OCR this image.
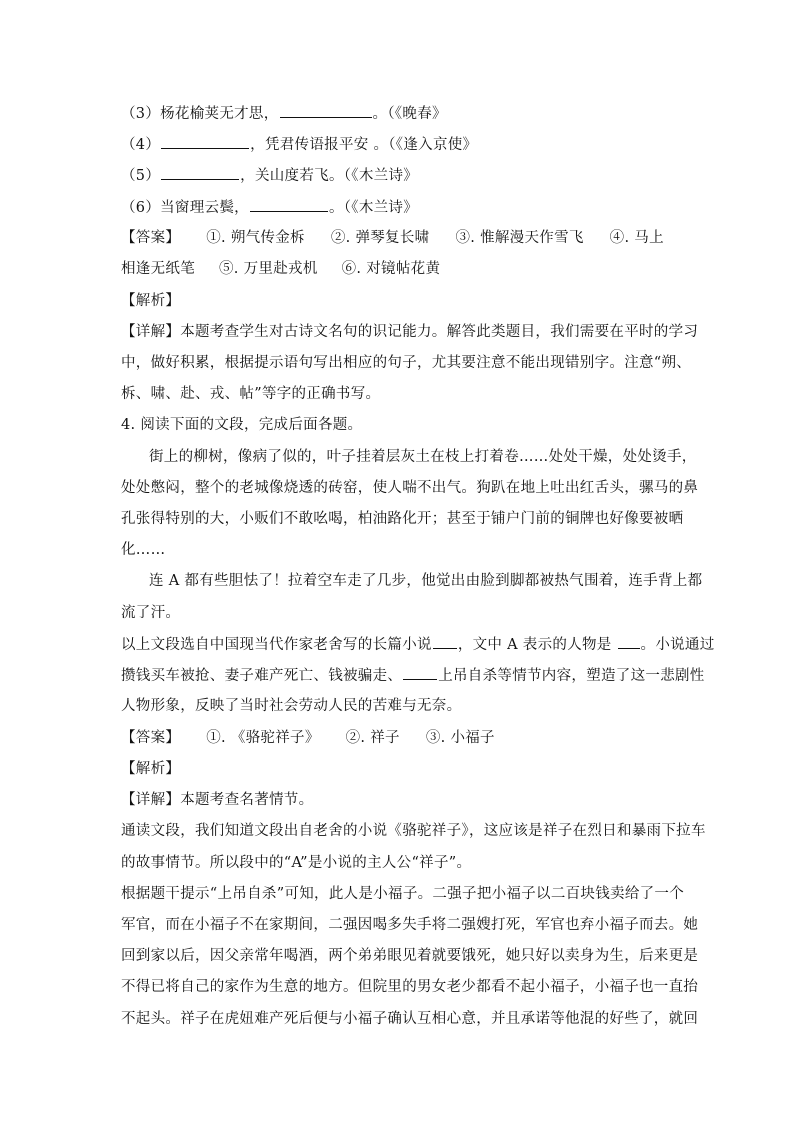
（3）杨花榆荚无才思，	。（《晚春》
（4）	，凭君传语报平安 。（《逢入京使》
（5）	，关山度若飞。（《木兰诗》
（6）当窗理云鬓，	。（《木兰诗》
【答案】 ①. 朔气传金柝 ②. 弹琴复长啸 ③. 惟解漫天作雪飞 ④. 马上
相逢无纸笔 ⑤. 万里赴戎机 ⑥. 对镜帖花黄
【解析】
【详解】本题考查学生对古诗文名句的识记能力。解答此类题目，我们需要在平时的学习
中，做好积累，根据提示语句写出相应的句子，尤其要注意不能出现错别字。注意“朔、
柝、啸、赴、戎、帖”等字的正确书写。
4. 阅读下面的文段，完成后面各题。
街上的柳树，像病了似的，叶子挂着层灰土在枝上打着卷……处处干燥，处处烫手，
处处憋闷，整个的老城像烧透的砖窑，使人喘不出气。狗趴在地上吐出红舌头，骡马的鼻
孔张得特别的大，小贩们不敢吆喝，柏油路化开；甚至于铺户门前的铜牌也好像要被晒
化……
连 A 都有些胆怯了！拉着空车走了几步，他觉出由脸到脚都被热气围着，连手背上都
流了汗。
以上文段选自中国现当代作家老舍写的长篇小说 ，文中 A 表示的人物是 。小说通过
攒钱买车被抢、妻子难产死亡、钱被骗走、 上吊自杀等情节内容，塑造了这一悲剧性
人物形象，反映了当时社会劳动人民的苦难与无奈。
【答案】 ①. 《骆驼祥子》 ②. 祥子 ③. 小福子
【解析】
【详解】本题考查名著情节。
通读文段，我们知道文段出自老舍的小说《骆驼祥子》，这应该是祥子在烈日和暴雨下拉车
的故事情节。所以段中的“A”是小说的主人公“祥子”。
根据题干提示“上吊自杀”可知，此人是小福子。二强子把小福子以二百块钱卖给了一个
军官，而在小福子不在家期间，二强因喝多失手将二强嫂打死，军官也弃小福子而去。她
回到家以后，因父亲常年喝酒，两个弟弟眼见着就要饿死，她只好以卖身为生，后来更是
不得已将自己的家作为生意的地方。但院里的男女老少都看不起小福子，小福子也一直抬
不起头。祥子在虎妞难产死后便与小福子确认互相心意，并且承诺等他混的好些了，就回
